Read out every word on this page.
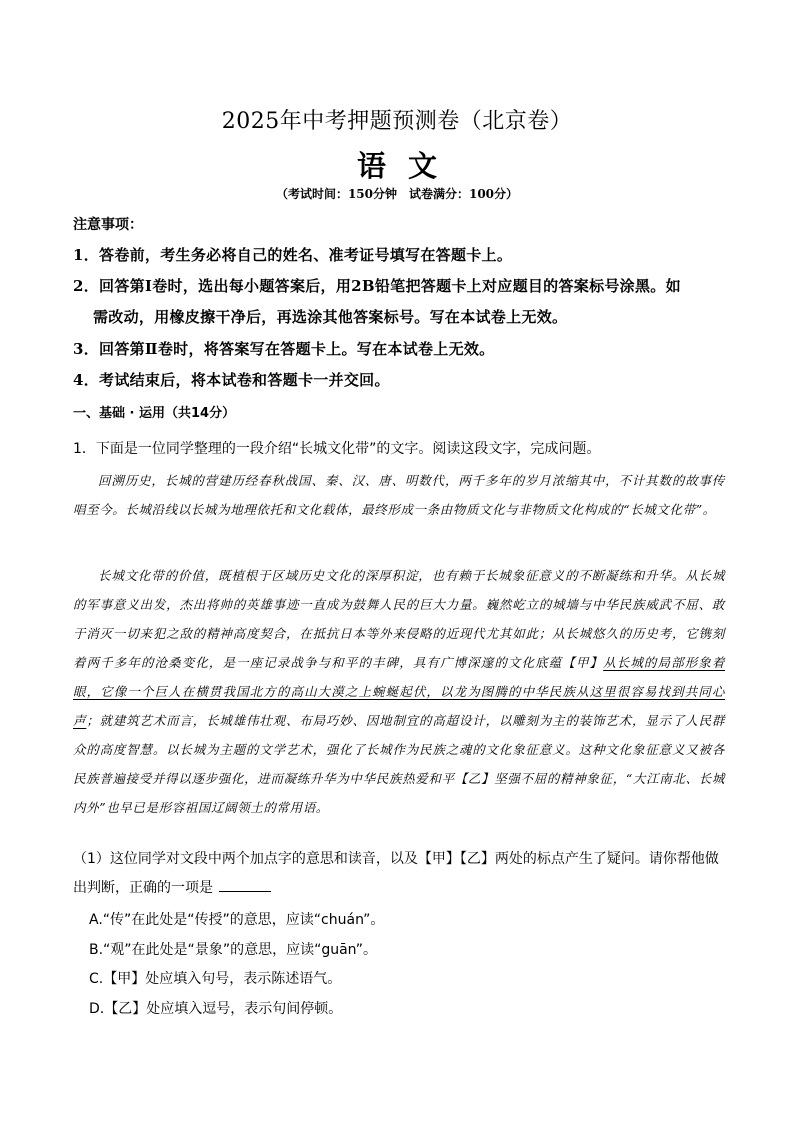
2025年中考押题预测卷（北京卷）
语文
（考试时间：150分钟　试卷满分：100分）
注意事项：
1．答卷前，考生务必将自己的姓名、准考证号填写在答题卡上。
2．回答第Ⅰ卷时，选出每小题答案后，用2B铅笔把答题卡上对应题目的答案标号涂黑。如
需改动，用橡皮擦干净后，再选涂其他答案标号。写在本试卷上无效。
3．回答第Ⅱ卷时，将答案写在答题卡上。写在本试卷上无效。
4．考试结束后，将本试卷和答题卡一并交回。
一、基础 · 运用（共14分）
1．下面是一位同学整理的一段介绍“长城文化带”的文字。阅读这段文字，完成问题。

回溯历史，长城的营建历经春秋战国、秦、汉、唐、明数代，两千多年的岁月浓缩其中，不计其数的故事传唱至今。长城沿线以长城为地理依托和文化载体，最终形成一条由物质文化与非物质文化构成的“长城文化带”。

长城文化带的价值，既植根于区域历史文化的深厚积淀，也有赖于长城象征意义的不断凝练和升华。从长城的军事意义出发，杰出将帅的英雄事迹一直成为鼓舞人民的巨大力量。巍然屹立的城墙与中华民族威武不屈、敢于消灭一切来犯之敌的精神高度契合，在抵抗日本等外来侵略的近现代尤其如此；从长城悠久的历史考，它镌刻着两千多年的沧桑变化，是一座记录战争与和平的丰碑，具有广博深邃的文化底蕴【甲】从长城的局部形象着眼，它像一个巨人在横贯我国北方的高山大漠之上蜿蜒起伏，以龙为图腾的中华民族从这里很容易找到共同心声；就建筑艺术而言，长城雄伟壮观、布局巧妙、因地制宜的高超设计，以雕刻为主的装饰艺术，显示了人民群众的高度智慧。以长城为主题的文学艺术，强化了长城作为民族之魂的文化象征意义。这种文化象征意义又被各民族普遍接受并得以逐步强化，进而凝练升华为中华民族热爱和平【乙】坚强不屈的精神象征，“大江南北、长城内外”也早已是形容祖国辽阔领土的常用语。

（1）这位同学对文段中两个加点字的意思和读音，以及【甲】【乙】两处的标点产生了疑问。请你帮他做出判断，正确的一项是
A.“传”在此处是“传授”的意思，应读“chuán”。
B.“观”在此处是“景象”的意思，应读“guān”。
C.【甲】处应填入句号，表示陈述语气。
D.【乙】处应填入逗号，表示句间停顿。
